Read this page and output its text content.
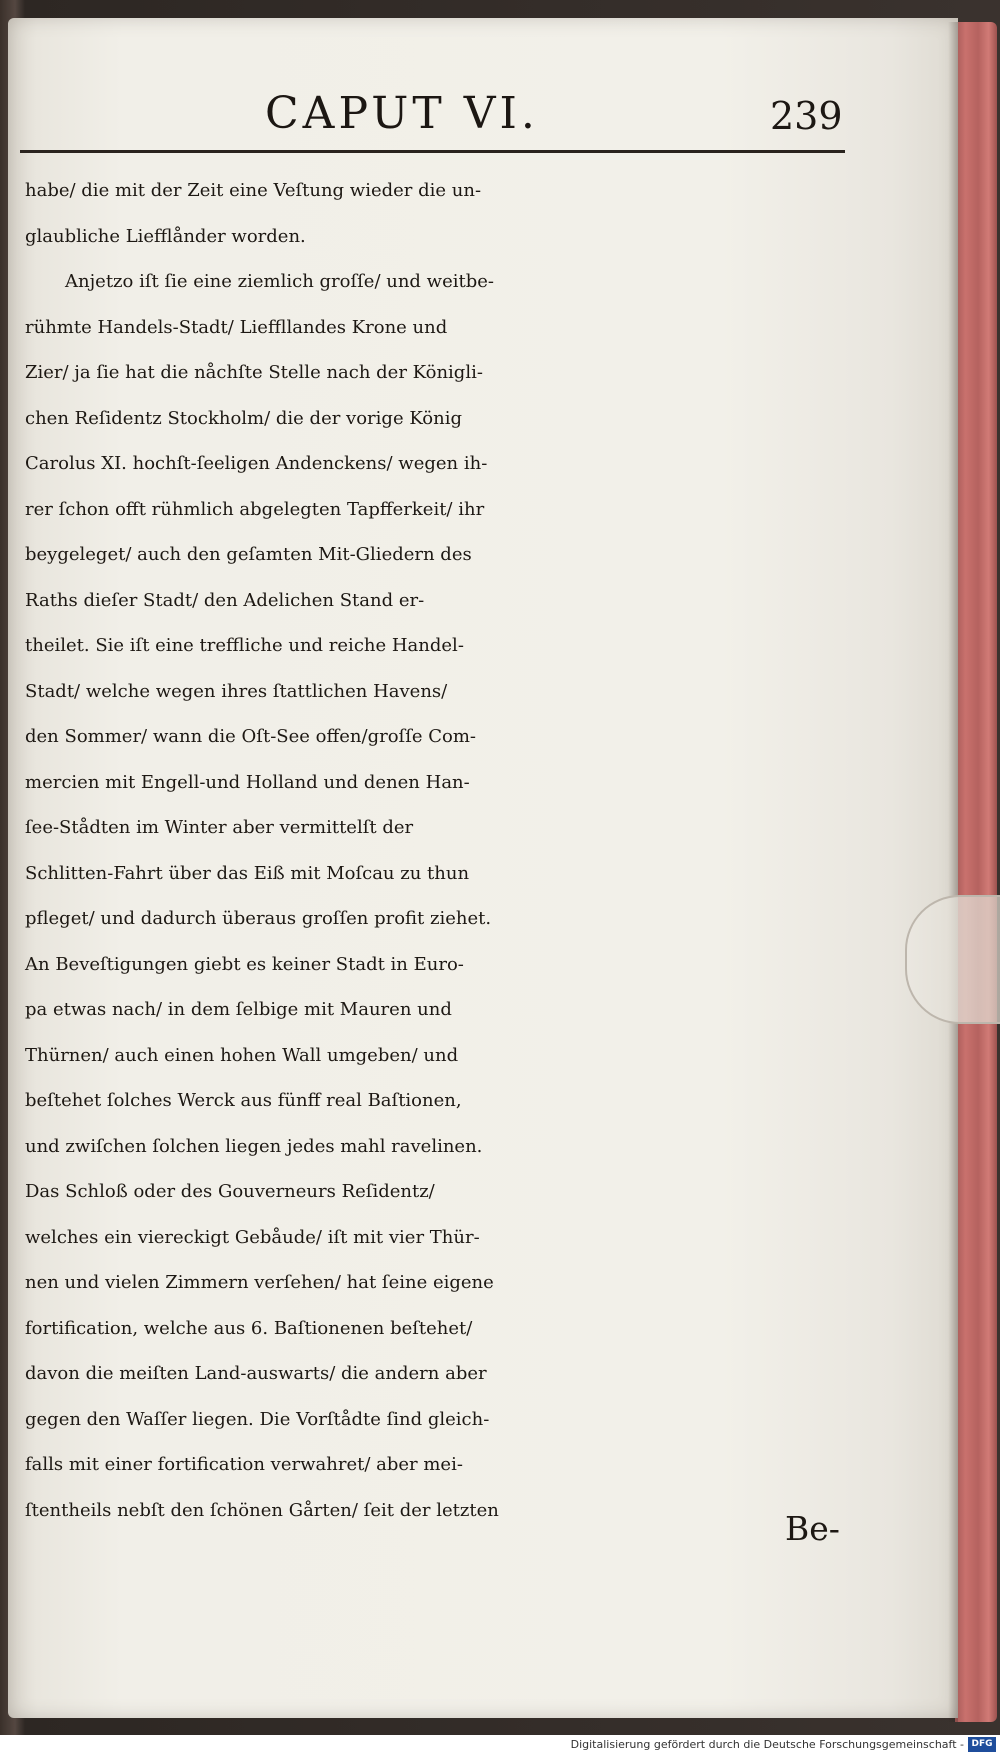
CAPUT VI.	239
habe/ die mit der Zeit eine Veſtung wieder die un-
glaubliche Liefflånder worden.
Anjetzo iſt ſie eine ziemlich groſſe/ und weitbe-
rühmte Handels-Stadt/ Lieffllandes Krone und
Zier/ ja ſie hat die nåchſte Stelle nach der Königli-
chen Reſidentz Stockholm/ die der vorige König
Carolus XI. hochſt-ſeeligen Andenckens/ wegen ih-
rer ſchon offt rühmlich abgelegten Tapfferkeit/ ihr
beygeleget/ auch den geſamten Mit-Gliedern des
Raths dieſer Stadt/ den Adelichen Stand er-
theilet. Sie iſt eine treffliche und reiche Handel-
Stadt/ welche wegen ihres ſtattlichen Havens/
den Sommer/ wann die Oſt-See offen/groſſe Com-
mercien mit Engell-und Holland und denen Han-
ſee-Stådten im Winter aber vermittelſt der
Schlitten-Fahrt über das Eiß mit Moſcau zu thun
pfleget/ und dadurch überaus groſſen profit ziehet.
An Beveſtigungen giebt es keiner Stadt in Euro-
pa etwas nach/ in dem ſelbige mit Mauren und
Thürnen/ auch einen hohen Wall umgeben/ und
beſtehet ſolches Werck aus fünff real Baſtionen,
und zwiſchen ſolchen liegen jedes mahl ravelinen.
Das Schloß oder des Gouverneurs Reſidentz/
welches ein viereckigt Gebåude/ iſt mit vier Thür-
nen und vielen Zimmern verſehen/ hat ſeine eigene
fortification, welche aus 6. Baſtionenen beſtehet/
davon die meiſten Land-auswarts/ die andern aber
gegen den Waſſer liegen. Die Vorſtådte ſind gleich-
falls mit einer fortification verwahret/ aber mei-
ſtentheils nebſt den ſchönen Gårten/ ſeit der letzten	Be-
Digitalisierung gefördert durch die Deutsche Forschungsgemeinschaft - DFG
